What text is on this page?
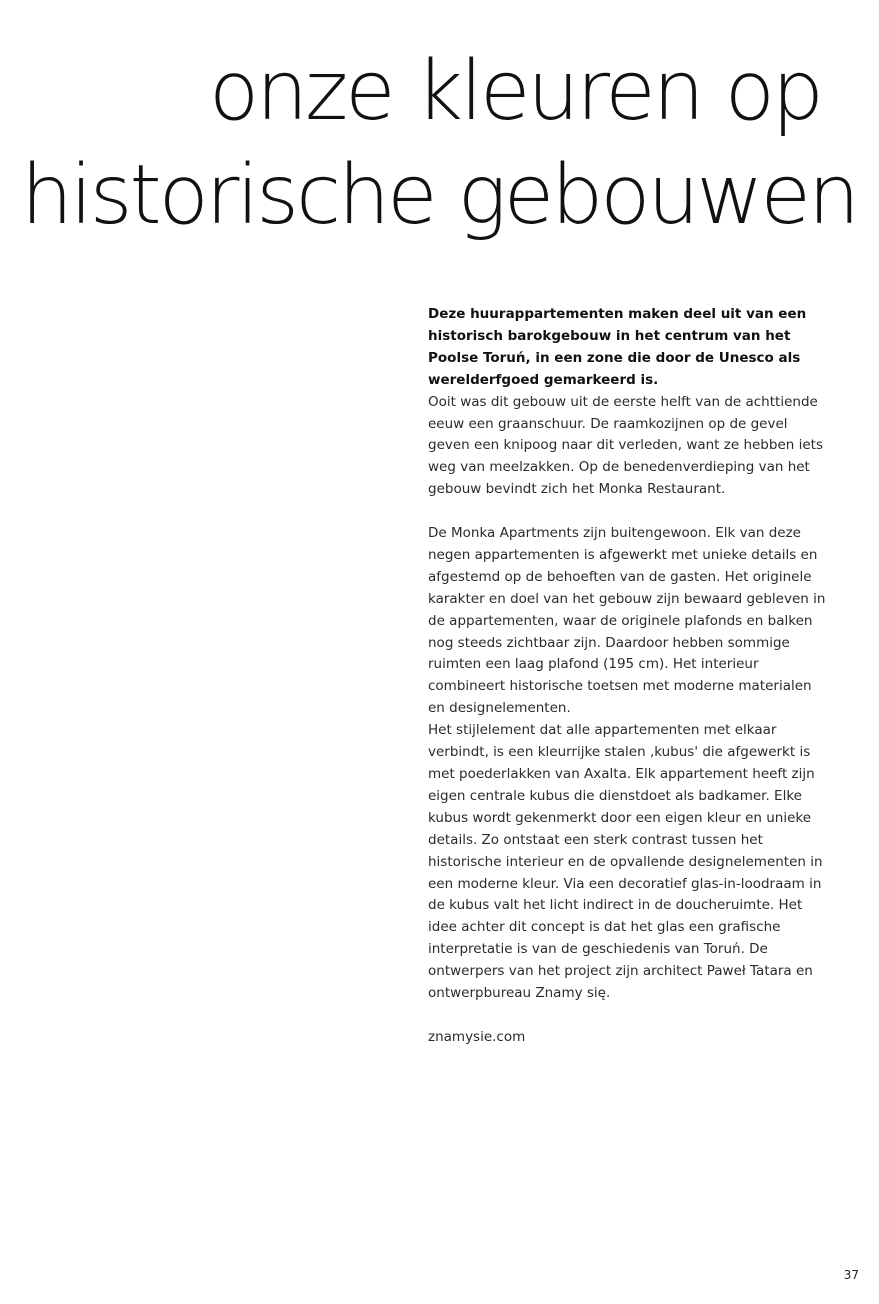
onze kleuren op
historische gebouwen

Deze huurappartementen maken deel uit van een historisch barokgebouw in het centrum van het Poolse Toruń, in een zone die door de Unesco als werelderfgoed gemarkeerd is.

Ooit was dit gebouw uit de eerste helft van de achttiende eeuw een graanschuur. De raamkozijnen op de gevel geven een knipoog naar dit verleden, want ze hebben iets weg van meelzakken. Op de benedenverdieping van het gebouw bevindt zich het Monka Restaurant.

De Monka Apartments zijn buitengewoon. Elk van deze negen appartementen is afgewerkt met unieke details en afgestemd op de behoeften van de gasten. Het originele karakter en doel van het gebouw zijn bewaard gebleven in de appartementen, waar de originele plafonds en balken nog steeds zichtbaar zijn. Daardoor hebben sommige ruimten een laag plafond (195 cm). Het interieur combineert historische toetsen met moderne materialen en designelementen.

Het stijlelement dat alle appartementen met elkaar verbindt, is een kleurrijke stalen ‚kubus' die afgewerkt is met poederlakken van Axalta. Elk appartement heeft zijn eigen centrale kubus die dienstdoet als badkamer. Elke kubus wordt gekenmerkt door een eigen kleur en unieke details. Zo ontstaat een sterk contrast tussen het historische interieur en de opvallende designelementen in een moderne kleur. Via een decoratief glas-in-loodraam in de kubus valt het licht indirect in de doucheruimte. Het idee achter dit concept is dat het glas een grafische interpretatie is van de geschiedenis van Toruń. De ontwerpers van het project zijn architect Paweł Tatara en ontwerpbureau Znamy się.

znamysie.com

37
